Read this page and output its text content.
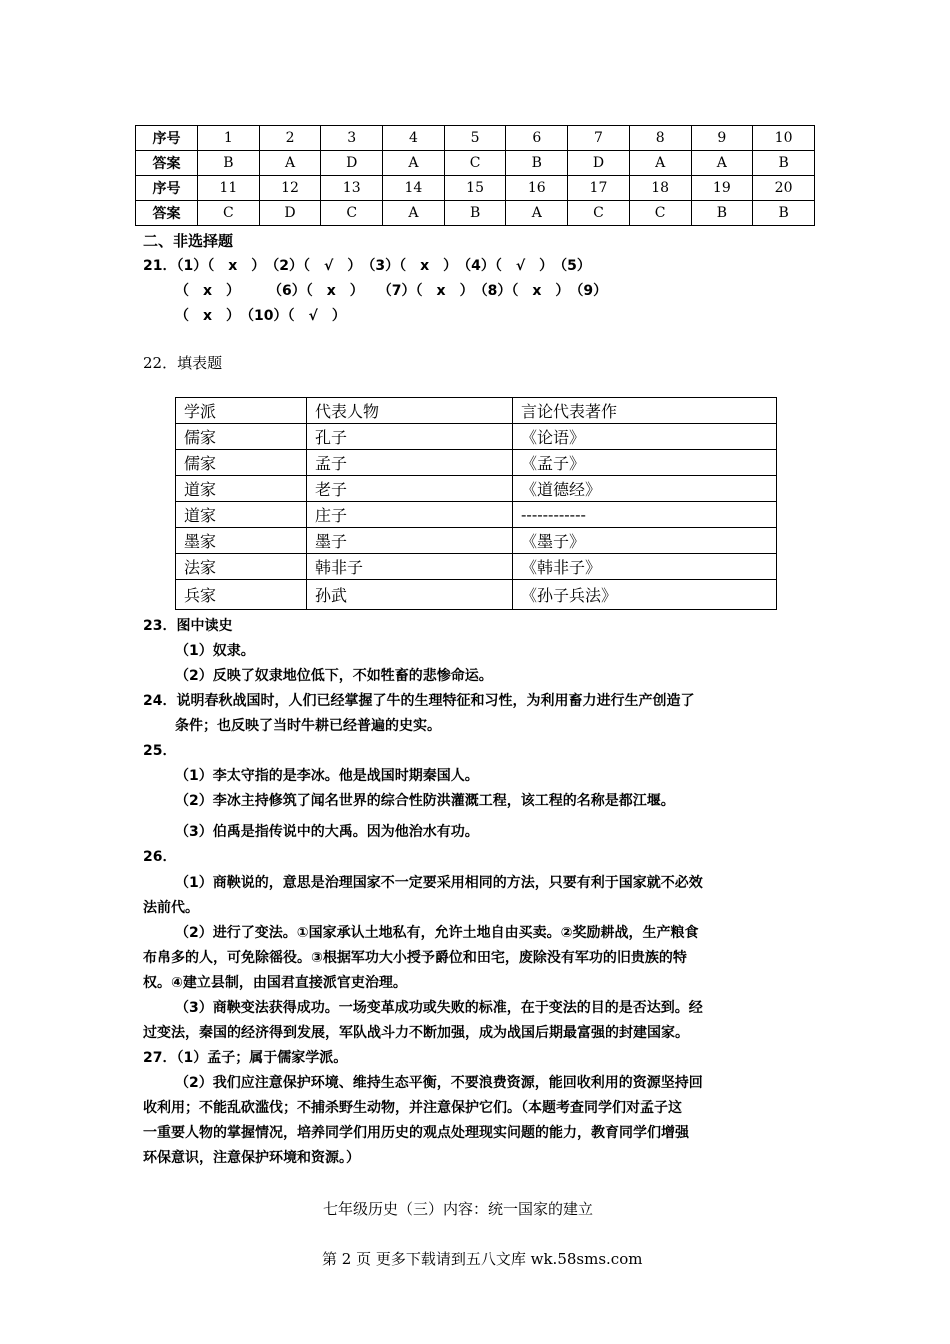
序号	1	2	3	4	5	6	7	8	9	10
答案	B	A	D	A	C	B	D	A	A	B
序号	11	12	13	14	15	16	17	18	19	20
答案	C	D	C	A	B	A	C	C	B	B
二、非选择题
21．（1）（　x　）　（2）（　√　）　（3）（　x　）　（4）（　√　）　（5）
（　x　）　　　（6）（　x　）　　（7）（　x　）　（8）（　x　）　（9）
（　x　）　（10）（　√　）
22．填表题
学派	代表人物	言论代表著作
儒家	孔子	《论语》
儒家	孟子	《孟子》
道家	老子	《道德经》
道家	庄子	------------
墨家	墨子	《墨子》
法家	韩非子	《韩非子》
兵家	孙武	《孙子兵法》
23．图中读史
（1）奴隶。
（2）反映了奴隶地位低下，不如牲畜的悲惨命运。
24．说明春秋战国时，人们已经掌握了牛的生理特征和习性，为利用畜力进行生产创造了
条件；也反映了当时牛耕已经普遍的史实。
25．
（1）李太守指的是李冰。他是战国时期秦国人。
（2）李冰主持修筑了闻名世界的综合性防洪灌溉工程，该工程的名称是都江堰。
（3）伯禹是指传说中的大禹。因为他治水有功。
26．
（1）商鞅说的，意思是治理国家不一定要采用相同的方法，只要有利于国家就不必效
法前代。
（2）进行了变法。①国家承认土地私有，允许土地自由买卖。②奖励耕战，生产粮食
布帛多的人，可免除徭役。③根据军功大小授予爵位和田宅，废除没有军功的旧贵族的特
权。④建立县制，由国君直接派官吏治理。
（3）商鞅变法获得成功。一场变革成功或失败的标准，在于变法的目的是否达到。经
过变法，秦国的经济得到发展，军队战斗力不断加强，成为战国后期最富强的封建国家。
27．（1）孟子；属于儒家学派。
（2）我们应注意保护环境、维持生态平衡，不要浪费资源，能回收利用的资源坚持回
收利用；不能乱砍滥伐；不捕杀野生动物，并注意保护它们。（本题考查同学们对孟子这
一重要人物的掌握情况，培养同学们用历史的观点处理现实问题的能力，教育同学们增强
环保意识，注意保护环境和资源。）
七年级历史（三）内容：统一国家的建立
第 2 页 更多下载请到五八文库 wk.58sms.com
